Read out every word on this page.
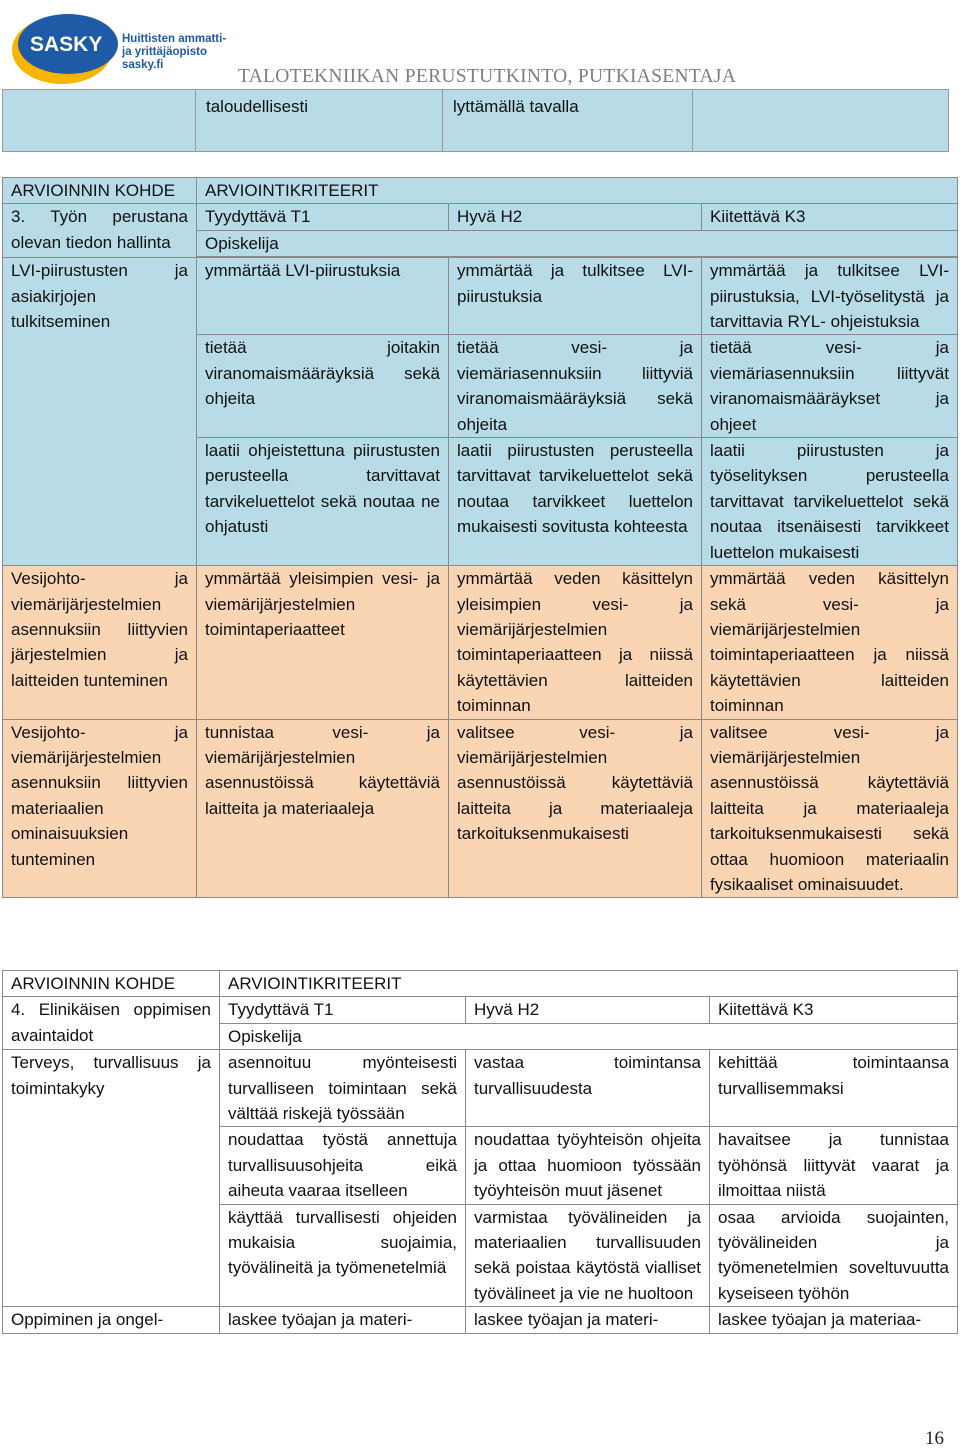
SASKY Huittisten ammatti-
ja yrittäjäopisto
sasky.fi
TALOTEKNIIKAN PERUSTUTKINTO, PUTKIASENTAJA
	taloudellisesti	lyttämällä tavalla	
ARVIOINNIN KOHDE	ARVIOINTIKRITEERIT		
3. Työn perustana olevan tiedon hallinta	Tyydyttävä T1	Hyvä H2	Kiitettävä K3
	Opiskelija		

LVI-piirustusten ja asiakirjojen tulkitseminen	ymmärtää LVI-piirustuksia	ymmärtää ja tulkitsee LVI-piirustuksia	ymmärtää ja tulkitsee LVI-piirustuksia, LVI-työselitystä ja tarvittavia RYL- ohjeistuksia
	tietää joitakin viranomaismääräyksiä sekä ohjeita	tietää vesi- ja viemäriasennuksiin liittyviä viranomaismääräyksiä sekä ohjeita	tietää vesi- ja viemäriasennuksiin liittyvät viranomaismääräykset ja ohjeet
	laatii ohjeistettuna piirustusten perusteella tarvittavat tarvikeluettelot sekä noutaa ne ohjatusti	laatii piirustusten perusteella tarvittavat tarvikeluettelot sekä noutaa tarvikkeet luettelon mukaisesti sovitusta kohteesta	laatii piirustusten ja työselityksen perusteella tarvittavat tarvikeluettelot sekä noutaa itsenäisesti tarvikkeet luettelon mukaisesti
Vesijohto- ja viemärijärjestelmien asennuksiin liittyvien järjestelmien ja laitteiden tunteminen	ymmärtää yleisimpien vesi- ja viemärijärjestelmien toimintaperiaatteet	ymmärtää veden käsittelyn yleisimpien vesi- ja viemärijärjestelmien toimintaperiaatteen ja niissä käytettävien laitteiden toiminnan	ymmärtää veden käsittelyn sekä vesi- ja viemärijärjestelmien toimintaperiaatteen ja niissä käytettävien laitteiden toiminnan
Vesijohto- ja viemärijärjestelmien asennuksiin liittyvien materiaalien ominaisuuksien tunteminen	tunnistaa vesi- ja viemärijärjestelmien asennustöissä käytettäviä laitteita ja materiaaleja	valitsee vesi- ja viemärijärjestelmien asennustöissä käytettäviä laitteita ja materiaaleja tarkoituksenmukaisesti	valitsee vesi- ja viemärijärjestelmien asennustöissä käytettäviä laitteita ja materiaaleja tarkoituksenmukaisesti sekä ottaa huomioon materiaalin fysikaaliset ominaisuudet.
ARVIOINNIN KOHDE	ARVIOINTIKRITEERIT		
4. Elinikäisen oppimisen avaintaidot	Tyydyttävä T1	Hyvä H2	Kiitettävä K3
	Opiskelija		
Terveys, turvallisuus ja toimintakyky	asennoituu myönteisesti turvalliseen toimintaan sekä välttää riskejä työssään	vastaa toimintansa turvallisuudesta	kehittää toimintaansa turvallisemmaksi
	noudattaa työstä annettuja turvallisuusohjeita eikä aiheuta vaaraa itselleen	noudattaa työyhteisön ohjeita ja ottaa huomioon työssään työyhteisön muut jäsenet	havaitsee ja tunnistaa työhönsä liittyvät vaarat ja ilmoittaa niistä
	käyttää turvallisesti ohjeiden mukaisia suojaimia, työvälineitä ja työmenetelmiä	varmistaa työvälineiden ja materiaalien turvallisuuden sekä poistaa käytöstä vialliset työvälineet ja vie ne huoltoon	osaa arvioida suojainten, työvälineiden ja työmenetelmien soveltuvuutta kyseiseen työhön
Oppiminen ja ongel-	laskee työajan ja materi-	laskee työajan ja materi-	laskee työajan ja materiaa-
16
